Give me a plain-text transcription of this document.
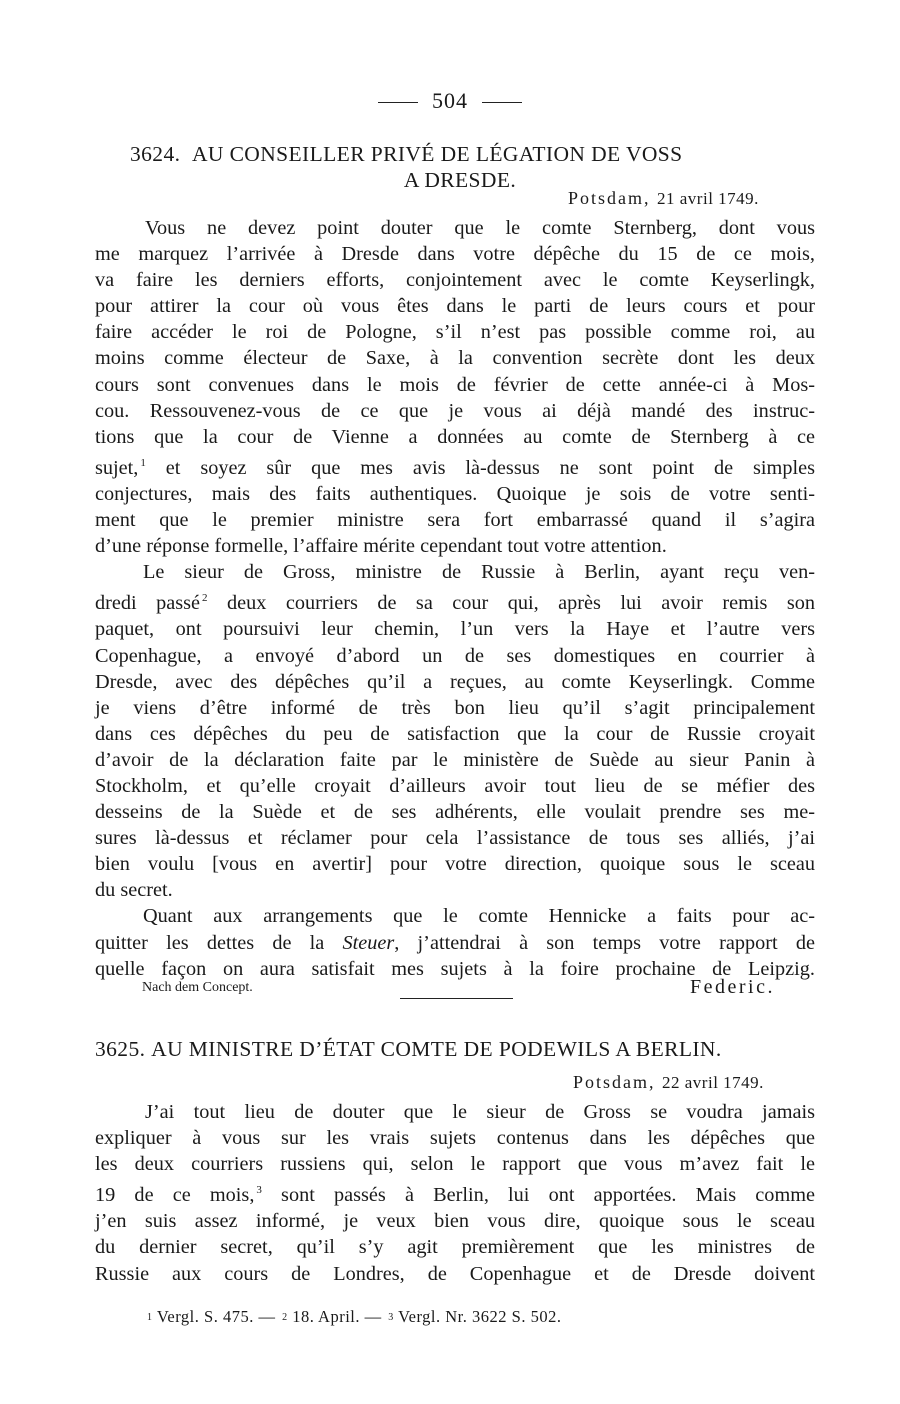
504
3624. AU CONSEILLER PRIVÉ DE LÉGATION DE VOSS
A DRESDE.
Potsdam, 21 avril 1749.
Vous ne devez point douter que le comte Sternberg, dont vous
me marquez l’arrivée à Dresde dans votre dépêche du 15 de ce mois,
va faire les derniers efforts, conjointement avec le comte Keyserlingk,
pour attirer la cour où vous êtes dans le parti de leurs cours et pour
faire accéder le roi de Pologne, s’il n’est pas possible comme roi, au
moins comme électeur de Saxe, à la convention secrète dont les deux
cours sont convenues dans le mois de février de cette année-ci à Mos-
cou. Ressouvenez-vous de ce que je vous ai déjà mandé des instruc-
tions que la cour de Vienne a données au comte de Sternberg à ce
sujet, $^1$ et soyez sûr que mes avis là-dessus ne sont point de simples
conjectures, mais des faits authentiques. Quoique je sois de votre senti-
ment que le premier ministre sera fort embarrassé quand il s’agira
d’une réponse formelle, l’affaire mérite cependant tout votre attention.
Le sieur de Gross, ministre de Russie à Berlin, ayant reçu ven-
dredi passé $^2$ deux courriers de sa cour qui, après lui avoir remis son
paquet, ont poursuivi leur chemin, l’un vers la Haye et l’autre vers
Copenhague, a envoyé d’abord un de ses domestiques en courrier à
Dresde, avec des dépêches qu’il a reçues, au comte Keyserlingk. Comme
je viens d’être informé de très bon lieu qu’il s’agit principalement
dans ces dépêches du peu de satisfaction que la cour de Russie croyait
d’avoir de la déclaration faite par le ministère de Suède au sieur Panin à
Stockholm, et qu’elle croyait d’ailleurs avoir tout lieu de se méfier des
desseins de la Suède et de ses adhérents, elle voulait prendre ses me-
sures là-dessus et réclamer pour cela l’assistance de tous ses alliés, j’ai
bien voulu [vous en avertir] pour votre direction, quoique sous le sceau
du secret.
Quant aux arrangements que le comte Hennicke a faits pour ac-
quitter les dettes de la Steuer, j’attendrai à son temps votre rapport de
quelle façon on aura satisfait mes sujets à la foire prochaine de Leipzig.
Nach dem Concept.	Federic.
3625. AU MINISTRE D’ÉTAT COMTE DE PODEWILS A BERLIN.
Potsdam, 22 avril 1749.
J’ai tout lieu de douter que le sieur de Gross se voudra jamais
expliquer à vous sur les vrais sujets contenus dans les dépêches que
les deux courriers russiens qui, selon le rapport que vous m’avez fait le
19 de ce mois, $^3$ sont passés à Berlin, lui ont apportées. Mais comme
j’en suis assez informé, je veux bien vous dire, quoique sous le sceau
du dernier secret, qu’il s’y agit premièrement que les ministres de
Russie aux cours de Londres, de Copenhague et de Dresde doivent
$^1$ Vergl. S. 475. — $^2$ 18. April. — $^3$ Vergl. Nr. 3622 S. 502.
